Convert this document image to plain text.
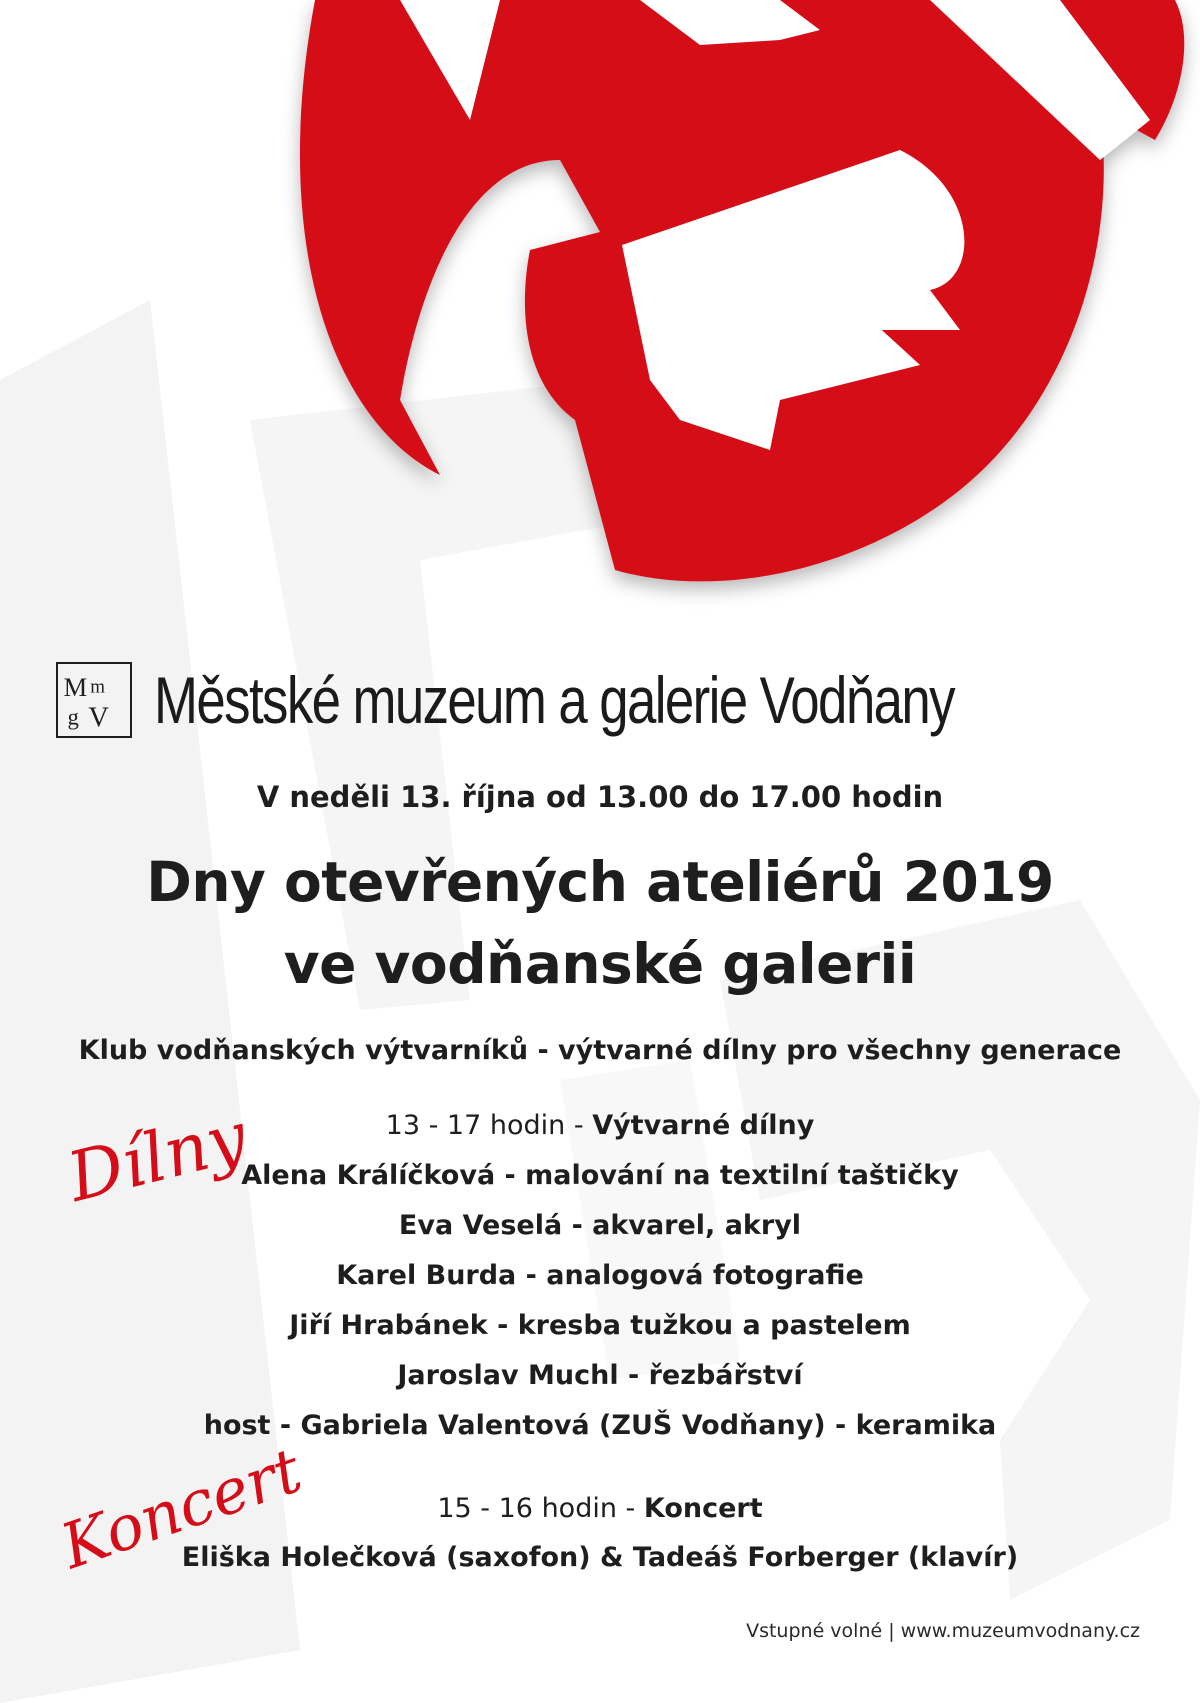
M m
g V Městské muzeum a galerie Vodňany
V neděli 13. října od 13.00 do 17.00 hodin
Dny otevřených ateliérů 2019
ve vodňanské galerii
Klub vodňanských výtvarníků - výtvarné dílny pro všechny generace
Dílny	13 - 17 hodin - Výtvarné dílny
Alena Králíčková - malování na textilní taštičky
Eva Veselá - akvarel, akryl
Karel Burda - analogová fotografie
Jiří Hrabánek - kresba tužkou a pastelem
Jaroslav Muchl - řezbářství
host - Gabriela Valentová (ZUŠ Vodňany) - keramika
Koncert	15 - 16 hodin - Koncert
Eliška Holečková (saxofon) & Tadeáš Forberger (klavír)
Vstupné volné | www.muzeumvodnany.cz
